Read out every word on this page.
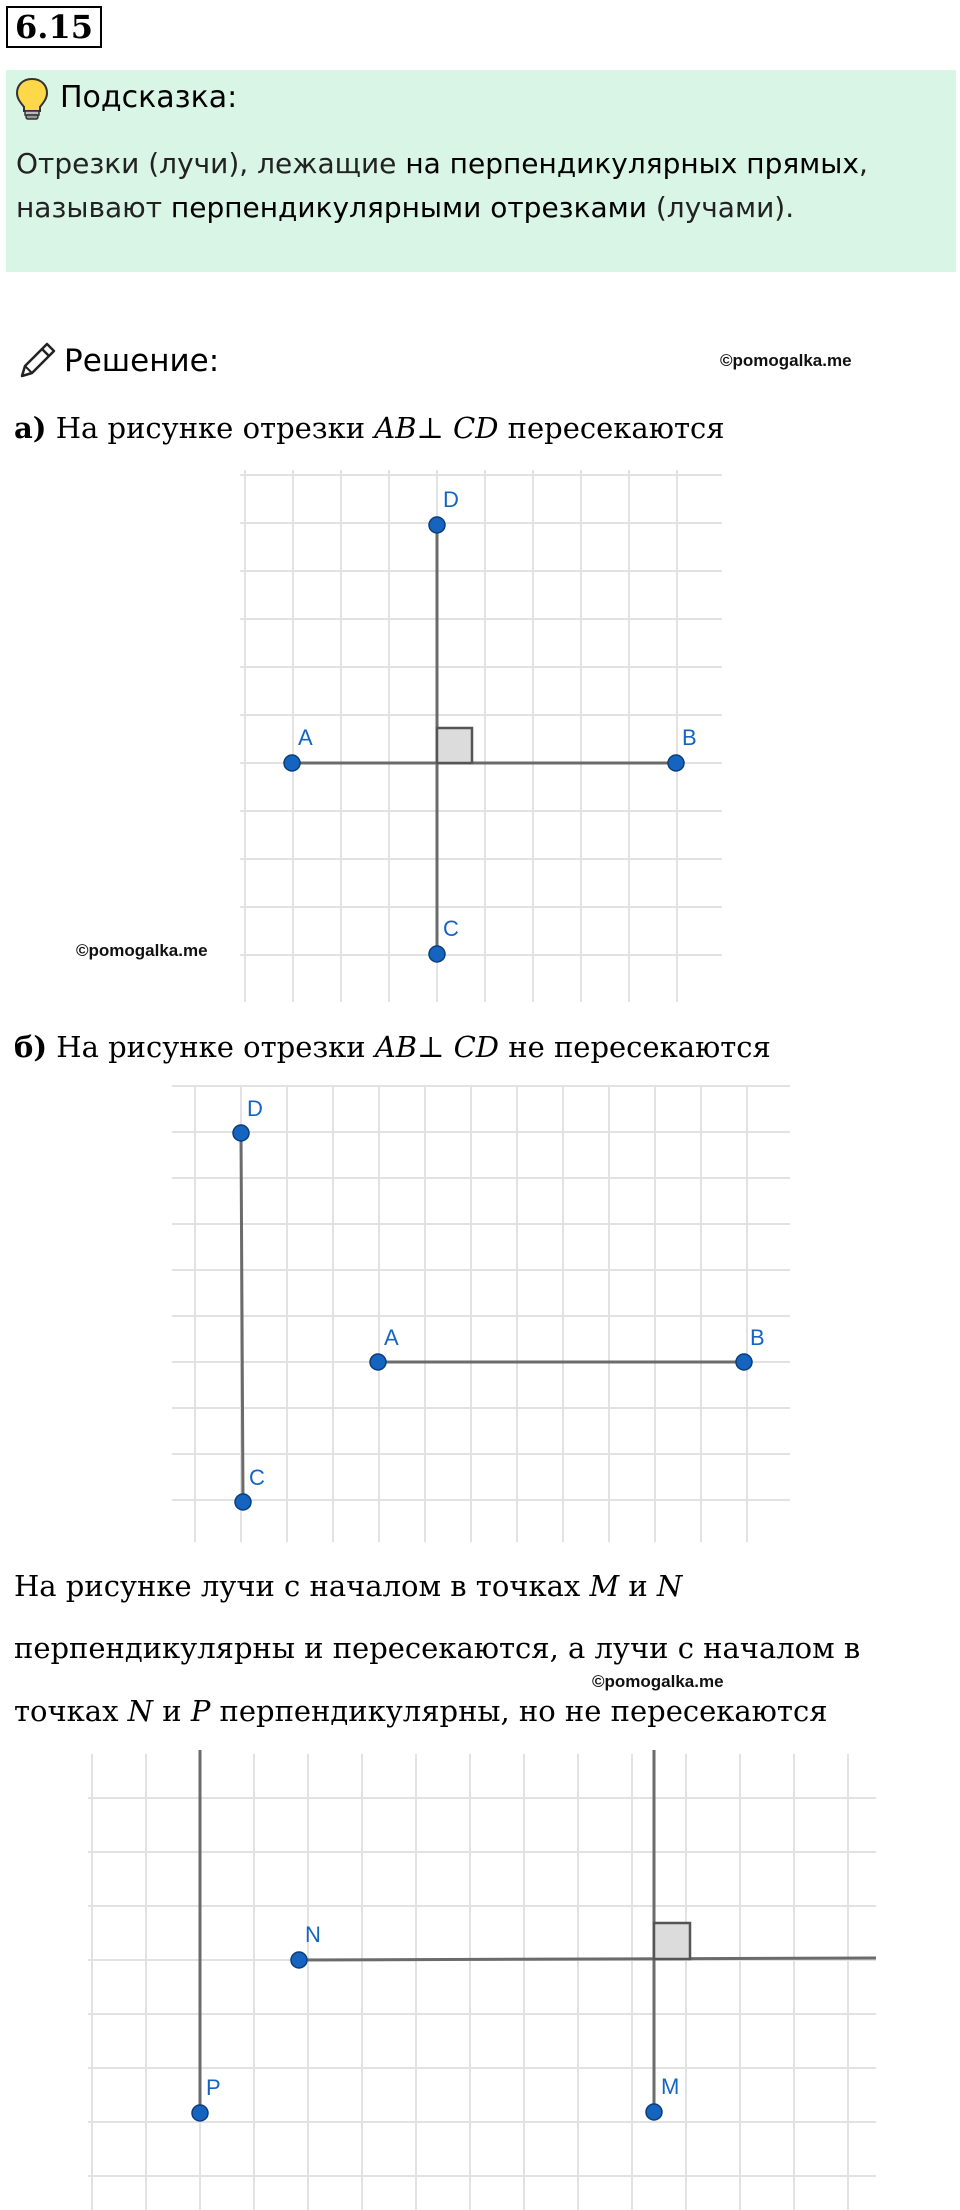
6.15
Подсказка:
Отрезки (лучи), лежащие на перпендикулярных прямых,
называют перпендикулярными отрезками (лучами).
Решение:	©pomogalka.me
а) На рисунке отрезки AB⊥ CD пересекаются
A	B
D
C
©pomogalka.me
б) На рисунке отрезки AB⊥ CD не пересекаются
D
C
A	B
На рисунке лучи с началом в точках M и N
перпендикулярны и пересекаются, а лучи с началом в
©pomogalka.me
точках N и P перпендикулярны, но не пересекаются
N
P	M
